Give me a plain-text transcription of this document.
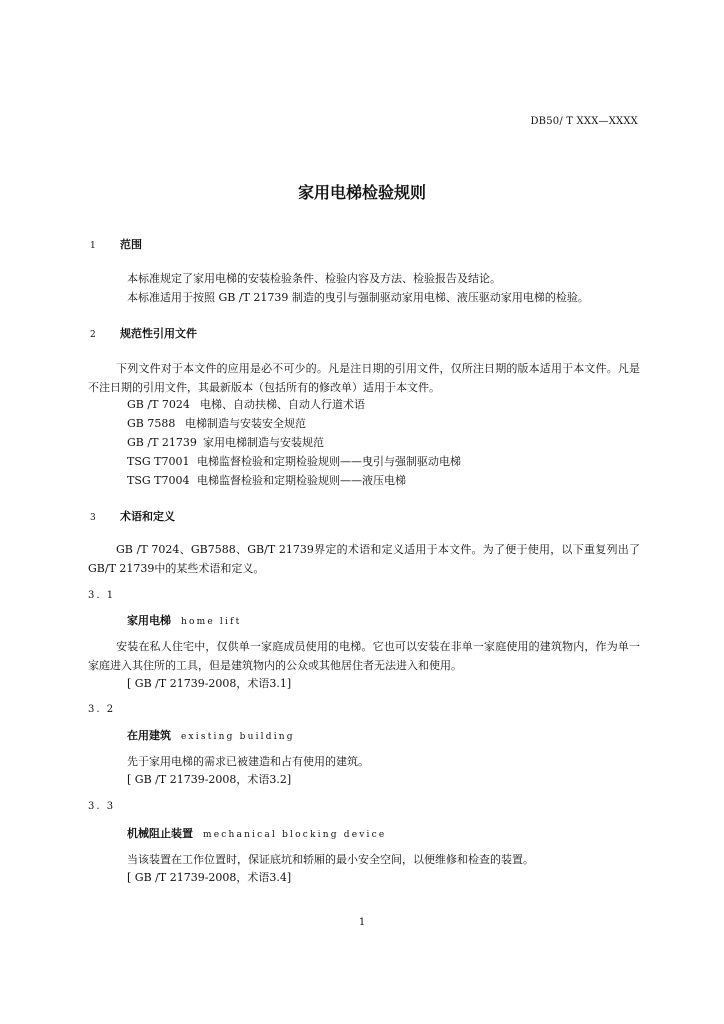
DB50/ T XXX—XXXX
家用电梯检验规则
1 范围
本标准规定了家用电梯的安装检验条件、检验内容及方法、检验报告及结论。
本标准适用于按照 GB /T 21739 制造的曳引与强制驱动家用电梯、液压驱动家用电梯的检验。
2 规范性引用文件
下列文件对于本文件的应用是必不可少的。凡是注日期的引用文件，仅所注日期的版本适用于本文件。凡是不注日期的引用文件，其最新版本（包括所有的修改单）适用于本文件。
GB /T 7024 电梯、自动扶梯、自动人行道术语
GB 7588 电梯制造与安装安全规范
GB /T 21739 家用电梯制造与安装规范
TSG T7001 电梯监督检验和定期检验规则——曳引与强制驱动电梯
TSG T7004 电梯监督检验和定期检验规则——液压电梯
3 术语和定义
GB /T 7024、GB7588、GB/T 21739界定的术语和定义适用于本文件。为了便于使用，以下重复列出了GB/T 21739中的某些术语和定义。
3. 1
家用电梯 home lift
安装在私人住宅中，仅供单一家庭成员使用的电梯。它也可以安装在非单一家庭使用的建筑物内，作为单一家庭进入其住所的工具，但是建筑物内的公众或其他居住者无法进入和使用。
[ GB /T 21739-2008，术语3.1]
3. 2
在用建筑 existing building
先于家用电梯的需求已被建造和占有使用的建筑。
[ GB /T 21739-2008，术语3.2]
3. 3
机械阻止装置 mechanical blocking device
当该装置在工作位置时，保证底坑和轿厢的最小安全空间，以便维修和检查的装置。
[ GB /T 21739-2008，术语3.4]
1
